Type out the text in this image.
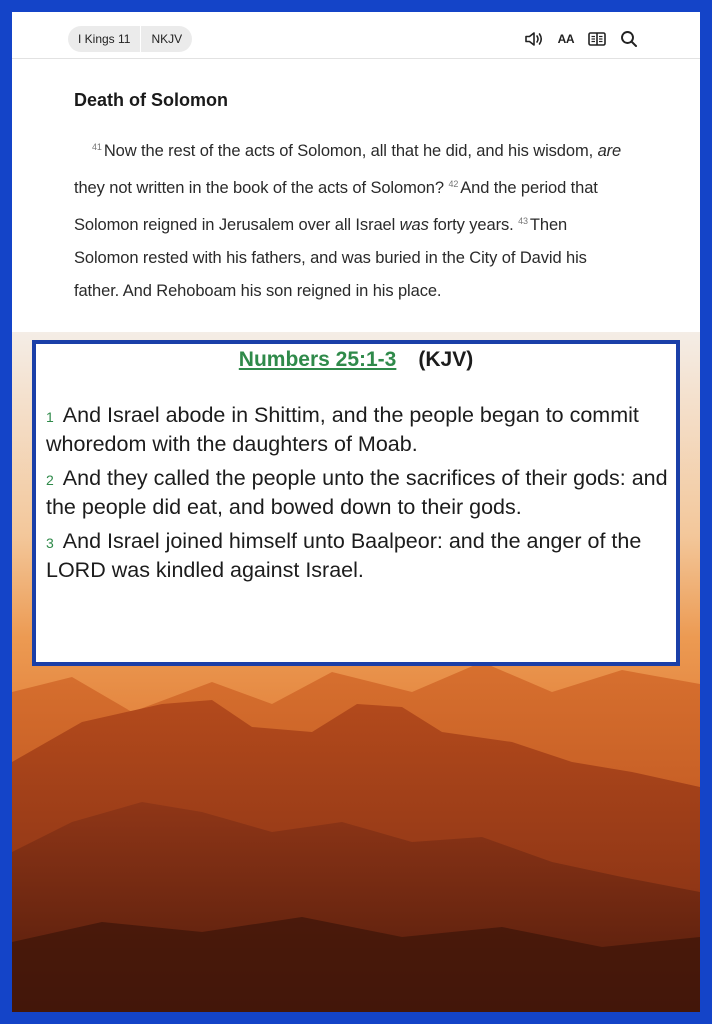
I Kings 11	NKJV	AA
Death of Solomon

$^{41}$ Now the rest of the acts of Solomon, all that he did, and his wisdom, are they not written in the book of the acts of Solomon? $^{42}$ And the period that Solomon reigned in Jerusalem over all Israel was forty years. $^{43}$ Then Solomon rested with his fathers, and was buried in the City of David his father. And Rehoboam his son reigned in his place.

Numbers 25:1-3 (KJV)
1 And Israel abode in Shittim, and the people began to commit whoredom with the daughters of Moab.
2 And they called the people unto the sacrifices of their gods: and the people did eat, and bowed down to their gods.
3 And Israel joined himself unto Baalpeor: and the anger of the LORD was kindled against Israel.
